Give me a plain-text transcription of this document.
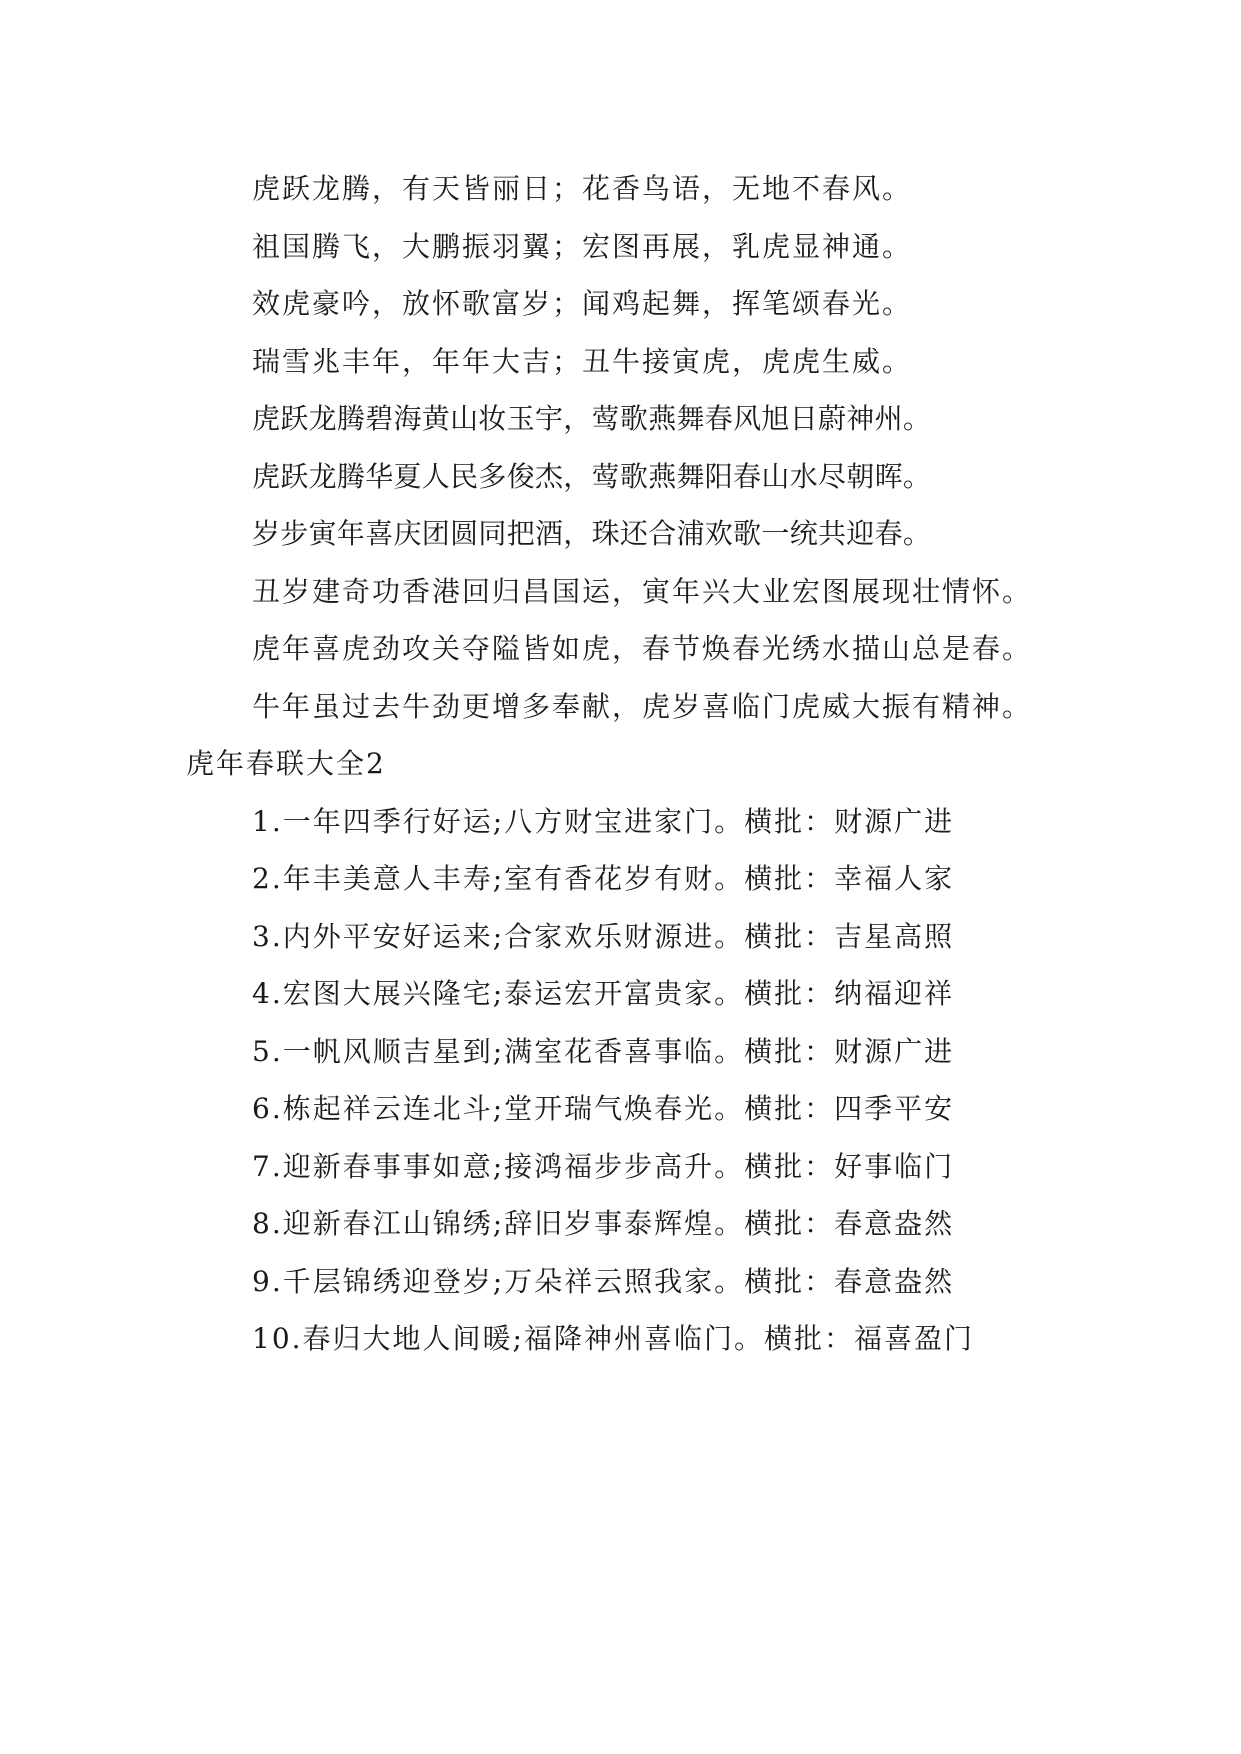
虎跃龙腾，有天皆丽日；花香鸟语，无地不春风。

祖国腾飞，大鹏振羽翼；宏图再展，乳虎显神通。

效虎豪吟，放怀歌富岁；闻鸡起舞，挥笔颂春光。

瑞雪兆丰年，年年大吉；丑牛接寅虎，虎虎生威。

虎跃龙腾碧海黄山妆玉宇，莺歌燕舞春风旭日蔚神州。

虎跃龙腾华夏人民多俊杰，莺歌燕舞阳春山水尽朝晖。

岁步寅年喜庆团圆同把酒，珠还合浦欢歌一统共迎春。

丑岁建奇功香港回归昌国运，寅年兴大业宏图展现壮情怀。

虎年喜虎劲攻关夺隘皆如虎，春节焕春光绣水描山总是春。

牛年虽过去牛劲更增多奉献，虎岁喜临门虎威大振有精神。

虎年春联大全2

1.一年四季行好运;八方财宝进家门。横批：财源广进

2.年丰美意人丰寿;室有香花岁有财。横批：幸福人家

3.内外平安好运来;合家欢乐财源进。横批：吉星高照

4.宏图大展兴隆宅;泰运宏开富贵家。横批：纳福迎祥

5.一帆风顺吉星到;满室花香喜事临。横批：财源广进

6.栋起祥云连北斗;堂开瑞气焕春光。横批：四季平安

7.迎新春事事如意;接鸿福步步高升。横批：好事临门

8.迎新春江山锦绣;辞旧岁事泰辉煌。横批：春意盎然

9.千层锦绣迎登岁;万朵祥云照我家。横批：春意盎然

10.春归大地人间暖;福降神州喜临门。横批：福喜盈门
